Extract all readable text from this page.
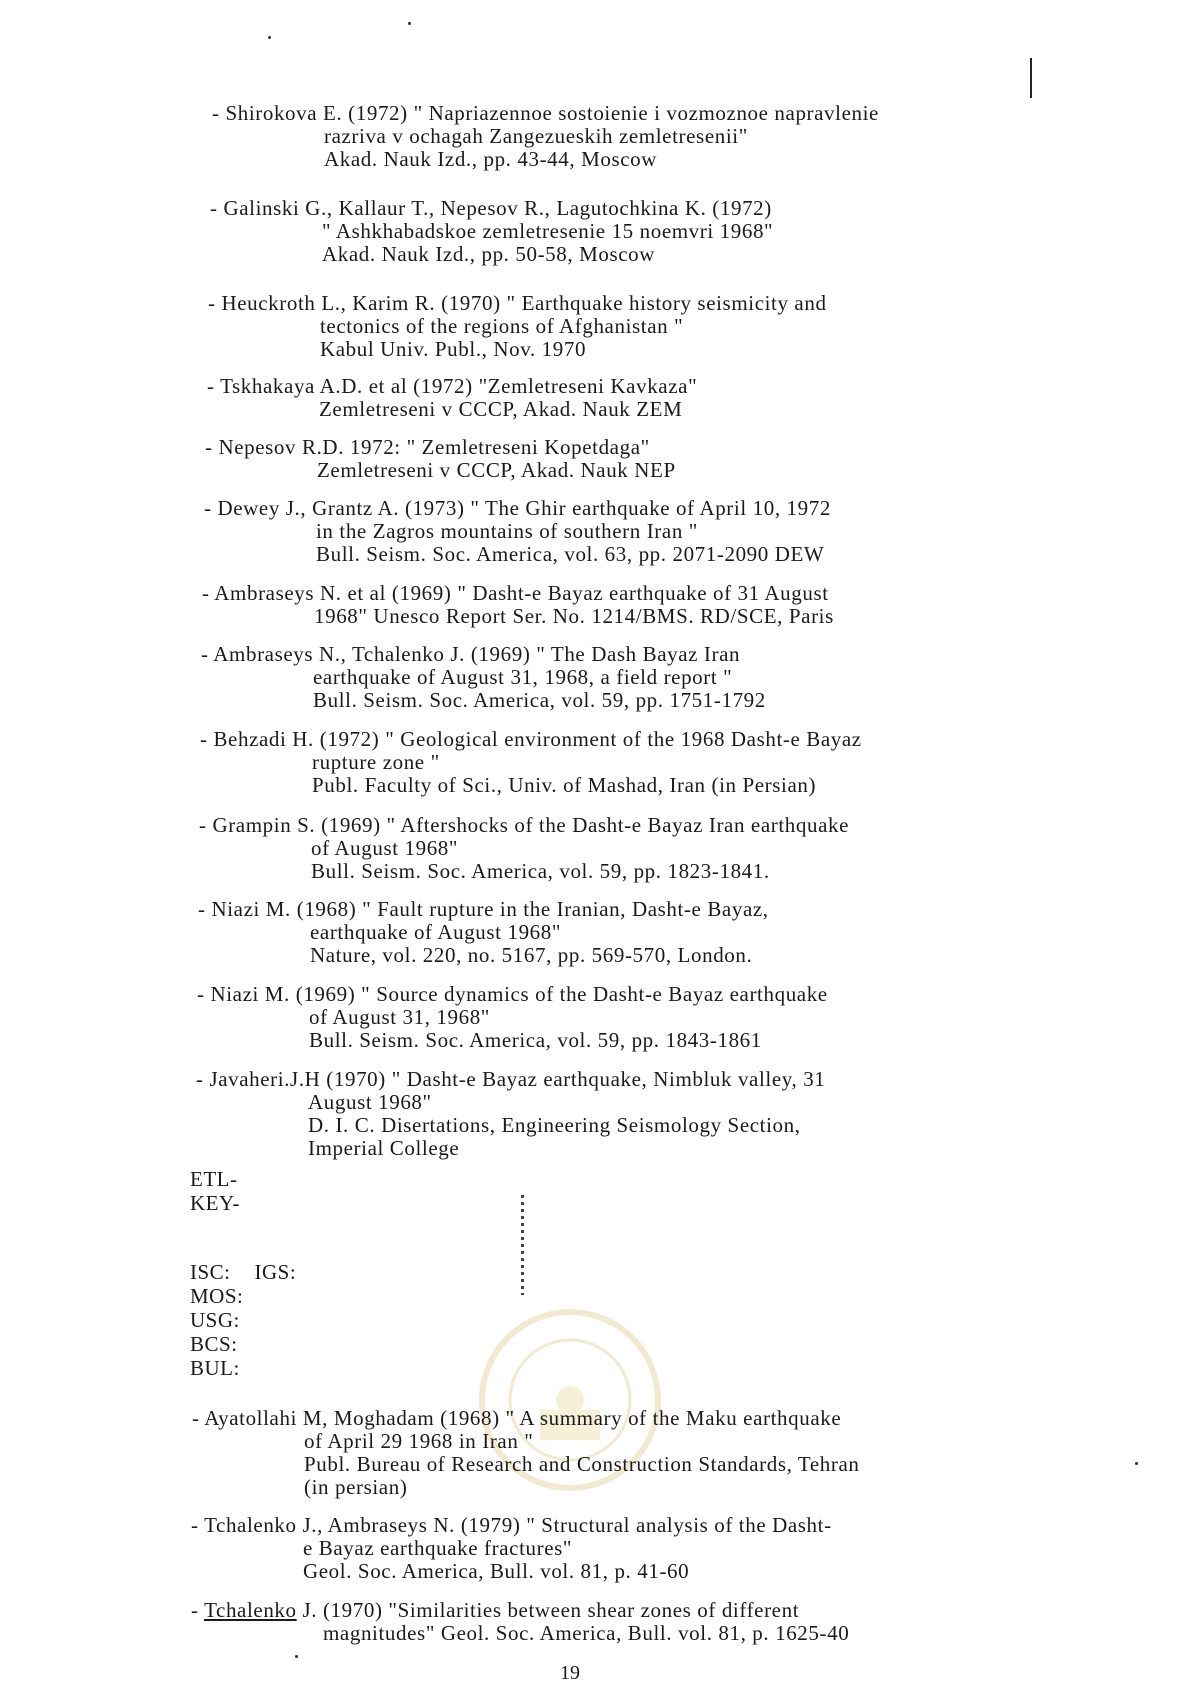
- Shirokova E. (1972) " Napriazennoe sostoienie i vozmoznoe napravlenie
razriva v ochagah Zangezueskih zemletresenii"
Akad. Nauk Izd., pp. 43-44, Moscow
- Galinski G., Kallaur T., Nepesov R., Lagutochkina K. (1972)
" Ashkhabadskoe zemletresenie 15 noemvri 1968"
Akad. Nauk Izd., pp. 50-58, Moscow
- Heuckroth L., Karim R. (1970) " Earthquake history seismicity and
tectonics of the regions of Afghanistan "
Kabul Univ. Publ., Nov. 1970
- Tskhakaya A.D. et al (1972) "Zemletreseni Kavkaza"
Zemletreseni v CCCP, Akad. Nauk ZEM
- Nepesov R.D. 1972: " Zemletreseni Kopetdaga"
Zemletreseni v CCCP, Akad. Nauk NEP
- Dewey J., Grantz A. (1973) " The Ghir earthquake of April 10, 1972
in the Zagros mountains of southern Iran "
Bull. Seism. Soc. America, vol. 63, pp. 2071-2090 DEW
- Ambraseys N. et al (1969) " Dasht-e Bayaz earthquake of 31 August
1968" Unesco Report Ser. No. 1214/BMS. RD/SCE, Paris
- Ambraseys N., Tchalenko J. (1969) " The Dash Bayaz Iran
earthquake of August 31, 1968, a field report "
Bull. Seism. Soc. America, vol. 59, pp. 1751-1792
- Behzadi H. (1972) " Geological environment of the 1968 Dasht-e Bayaz
rupture zone "
Publ. Faculty of Sci., Univ. of Mashad, Iran (in Persian)
- Grampin S. (1969) " Aftershocks of the Dasht-e Bayaz Iran earthquake
of August 1968"
Bull. Seism. Soc. America, vol. 59, pp. 1823-1841.
- Niazi M. (1968) " Fault rupture in the Iranian, Dasht-e Bayaz,
earthquake of August 1968"
Nature, vol. 220, no. 5167, pp. 569-570, London.
- Niazi M. (1969) " Source dynamics of the Dasht-e Bayaz earthquake
of August 31, 1968"
Bull. Seism. Soc. America, vol. 59, pp. 1843-1861
- Javaheri.J.H (1970) " Dasht-e Bayaz earthquake, Nimbluk valley, 31
August 1968"
D. I. C. Disertations, Engineering Seismology Section,
Imperial College
ETL-
KEY-
ISC: IGS:
MOS:
USG:
BCS:
BUL:
- Ayatollahi M, Moghadam (1968) " A summary of the Maku earthquake
of April 29 1968 in Iran "
Publ. Bureau of Research and Construction Standards, Tehran
(in persian)
- Tchalenko J., Ambraseys N. (1979) " Structural analysis of the Dasht-
e Bayaz earthquake fractures"
Geol. Soc. America, Bull. vol. 81, p. 41-60
- Tchalenko J. (1970) "Similarities between shear zones of different
magnitudes" Geol. Soc. America, Bull. vol. 81, p. 1625-40
19
